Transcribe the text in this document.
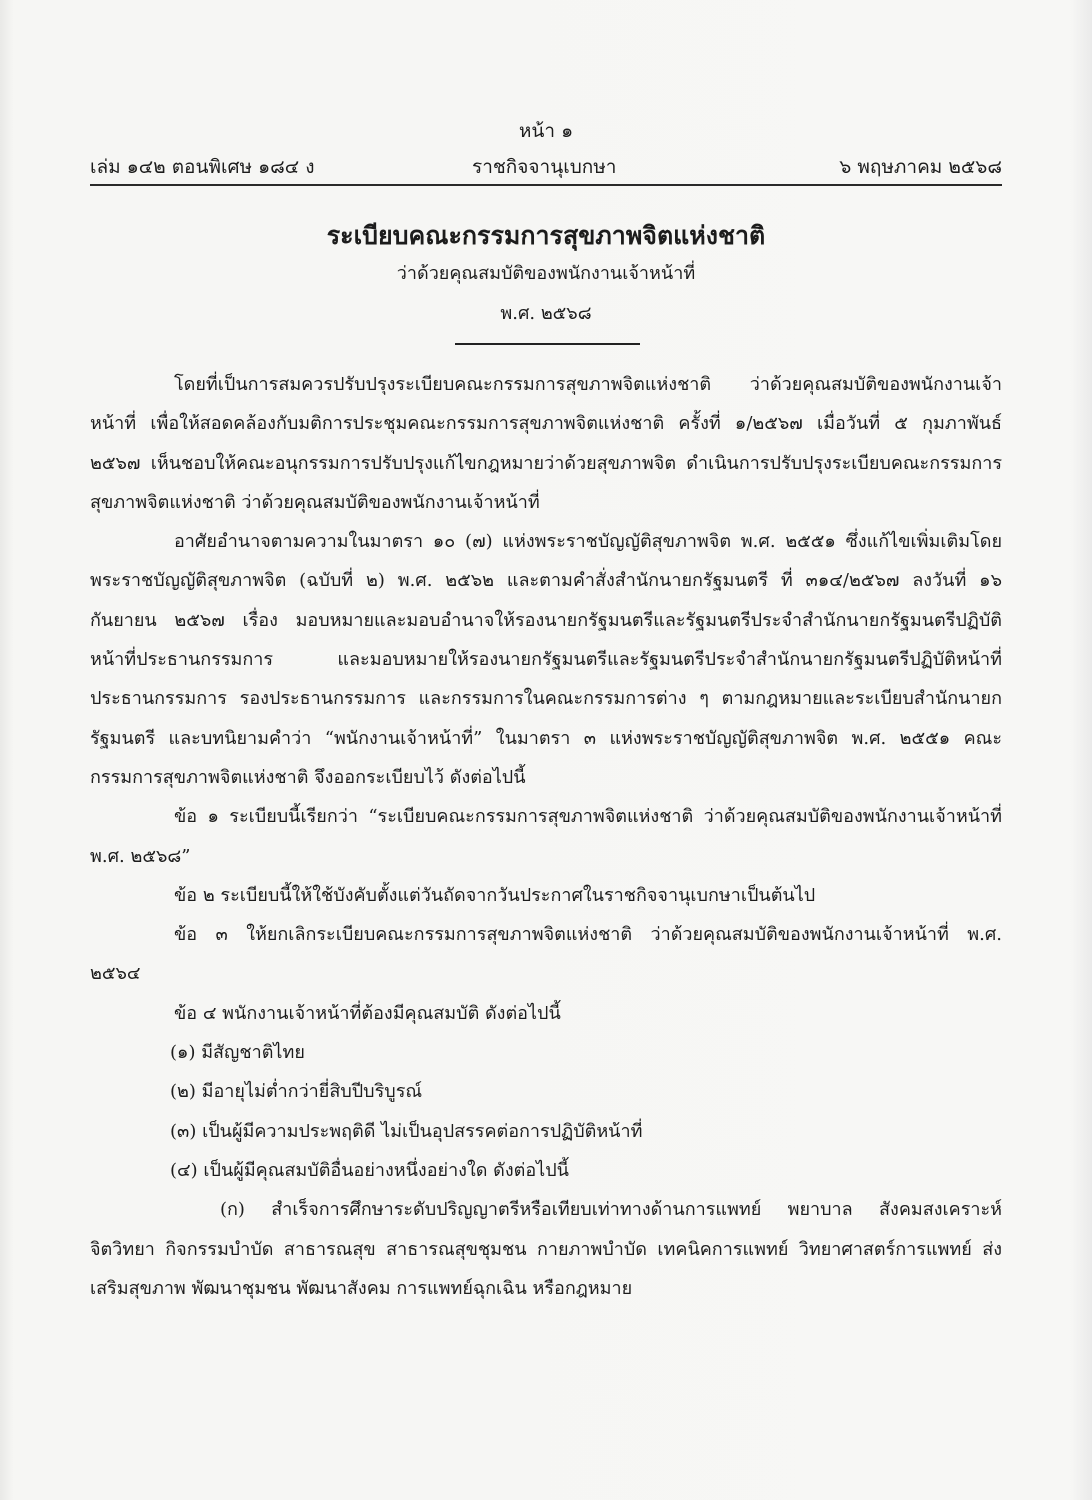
หน้า ๑
เล่ม ๑๔๒ ตอนพิเศษ ๑๘๔ ง	ราชกิจจานุเบกษา	๖ พฤษภาคม ๒๕๖๘
ระเบียบคณะกรรมการสุขภาพจิตแห่งชาติ
ว่าด้วยคุณสมบัติของพนักงานเจ้าหน้าที่
พ.ศ. ๒๕๖๘

โดยที่เป็นการสมควรปรับปรุงระเบียบคณะกรรมการสุขภาพจิตแห่งชาติ ว่าด้วยคุณสมบัติของพนักงานเจ้าหน้าที่ เพื่อให้สอดคล้องกับมติการประชุมคณะกรรมการสุขภาพจิตแห่งชาติ ครั้งที่ ๑/๒๕๖๗ เมื่อวันที่ ๕ กุมภาพันธ์ ๒๕๖๗ เห็นชอบให้คณะอนุกรรมการปรับปรุงแก้ไขกฎหมายว่าด้วยสุขภาพจิต ดำเนินการปรับปรุงระเบียบคณะกรรมการสุขภาพจิตแห่งชาติ ว่าด้วยคุณสมบัติของพนักงานเจ้าหน้าที่

อาศัยอำนาจตามความในมาตรา ๑๐ (๗) แห่งพระราชบัญญัติสุขภาพจิต พ.ศ. ๒๕๕๑ ซึ่งแก้ไขเพิ่มเติมโดยพระราชบัญญัติสุขภาพจิต (ฉบับที่ ๒) พ.ศ. ๒๕๖๒ และตามคำสั่งสำนักนายกรัฐมนตรี ที่ ๓๑๔/๒๕๖๗ ลงวันที่ ๑๖ กันยายน ๒๕๖๗ เรื่อง มอบหมายและมอบอำนาจให้รองนายกรัฐมนตรีและรัฐมนตรีประจำสำนักนายกรัฐมนตรีปฏิบัติหน้าที่ประธานกรรมการ และมอบหมายให้รองนายกรัฐมนตรีและรัฐมนตรีประจำสำนักนายกรัฐมนตรีปฏิบัติหน้าที่ประธานกรรมการ รองประธานกรรมการ และกรรมการในคณะกรรมการต่าง ๆ ตามกฎหมายและระเบียบสำนักนายกรัฐมนตรี และบทนิยามคำว่า “พนักงานเจ้าหน้าที่” ในมาตรา ๓ แห่งพระราชบัญญัติสุขภาพจิต พ.ศ. ๒๕๕๑ คณะกรรมการสุขภาพจิตแห่งชาติ จึงออกระเบียบไว้ ดังต่อไปนี้

ข้อ ๑ ระเบียบนี้เรียกว่า “ระเบียบคณะกรรมการสุขภาพจิตแห่งชาติ ว่าด้วยคุณสมบัติของพนักงานเจ้าหน้าที่ พ.ศ. ๒๕๖๘”

ข้อ ๒ ระเบียบนี้ให้ใช้บังคับตั้งแต่วันถัดจากวันประกาศในราชกิจจานุเบกษาเป็นต้นไป

ข้อ ๓ ให้ยกเลิกระเบียบคณะกรรมการสุขภาพจิตแห่งชาติ ว่าด้วยคุณสมบัติของพนักงานเจ้าหน้าที่ พ.ศ. ๒๕๖๔

ข้อ ๔ พนักงานเจ้าหน้าที่ต้องมีคุณสมบัติ ดังต่อไปนี้

(๑) มีสัญชาติไทย

(๒) มีอายุไม่ต่ำกว่ายี่สิบปีบริบูรณ์

(๓) เป็นผู้มีความประพฤติดี ไม่เป็นอุปสรรคต่อการปฏิบัติหน้าที่

(๔) เป็นผู้มีคุณสมบัติอื่นอย่างหนึ่งอย่างใด ดังต่อไปนี้

(ก) สำเร็จการศึกษาระดับปริญญาตรีหรือเทียบเท่าทางด้านการแพทย์ พยาบาล สังคมสงเคราะห์ จิตวิทยา กิจกรรมบำบัด สาธารณสุข สาธารณสุขชุมชน กายภาพบำบัด เทคนิคการแพทย์ วิทยาศาสตร์การแพทย์ ส่งเสริมสุขภาพ พัฒนาชุมชน พัฒนาสังคม การแพทย์ฉุกเฉิน หรือกฎหมาย
